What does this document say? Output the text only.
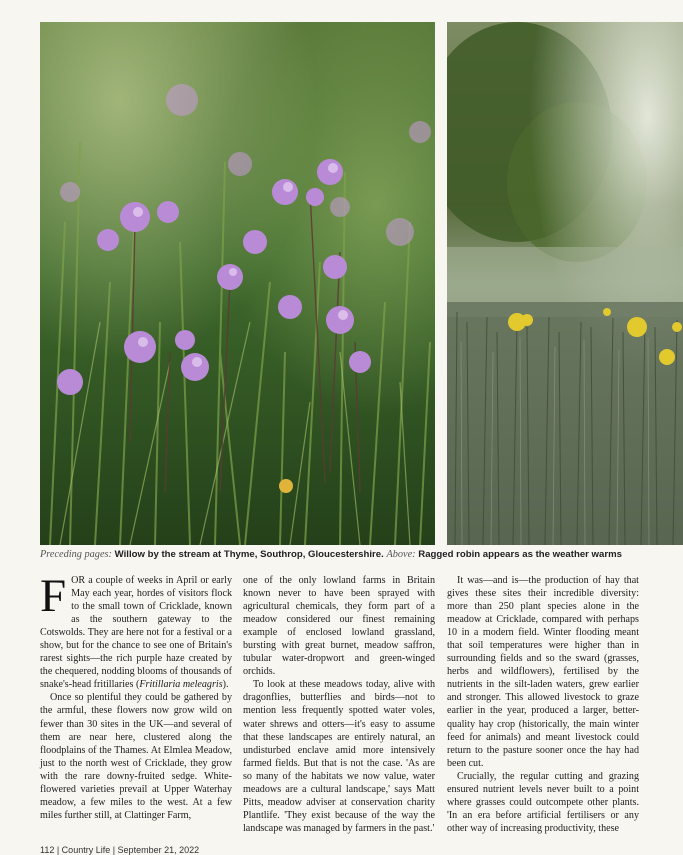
Preceding pages: Willow by the stream at Thyme, Southrop, Gloucestershire. Above: Ragged robin appears as the weather warms

FOR a couple of weeks in April or early May each year, hordes of visitors flock to the small town of Cricklade, known as the southern gateway to the Cotswolds. They are here not for a festival or a show, but for the chance to see one of Britain's rarest sights—the rich purple haze created by the chequered, nodding blooms of thousands of snake's-head fritillaries (Fritillaria meleagris).

Once so plentiful they could be gathered by the armful, these flowers now grow wild on fewer than 30 sites in the UK—and several of them are near here, clustered along the floodplains of the Thames. At Elmlea Meadow, just to the north west of Cricklade, they grow with the rare downy-fruited sedge. White-flowered varieties prevail at Upper Waterhay meadow, a few miles to the west. At a few miles further still, at Clattinger Farm,

one of the only lowland farms in Britain known never to have been sprayed with agricultural chemicals, they form part of a meadow considered our finest remaining example of enclosed lowland grassland, bursting with great burnet, meadow saffron, tubular water-dropwort and green-winged orchids.

To look at these meadows today, alive with dragonflies, butterflies and birds—not to mention less frequently spotted water voles, water shrews and otters—it's easy to assume that these landscapes are entirely natural, an undisturbed enclave amid more intensively farmed fields. But that is not the case. 'As are so many of the habitats we now value, water meadows are a cultural landscape,' says Matt Pitts, meadow adviser at conservation charity Plantlife. 'They exist because of the way the landscape was managed by farmers in the past.'

It was—and is—the production of hay that gives these sites their incredible diversity: more than 250 plant species alone in the meadow at Cricklade, compared with perhaps 10 in a modern field. Winter flooding meant that soil temperatures were higher than in surrounding fields and so the sward (grasses, herbs and wildflowers), fertilised by the nutrients in the silt-laden waters, grew earlier and stronger. This allowed livestock to graze earlier in the year, produced a larger, better-quality hay crop (historically, the main winter feed for animals) and meant livestock could return to the pasture sooner once the hay had been cut.

Crucially, the regular cutting and grazing ensured nutrient levels never built to a point where grasses could outcompete other plants. 'In an era before artificial fertilisers or any other way of increasing productivity, these

112 | Country Life | September 21, 2022
